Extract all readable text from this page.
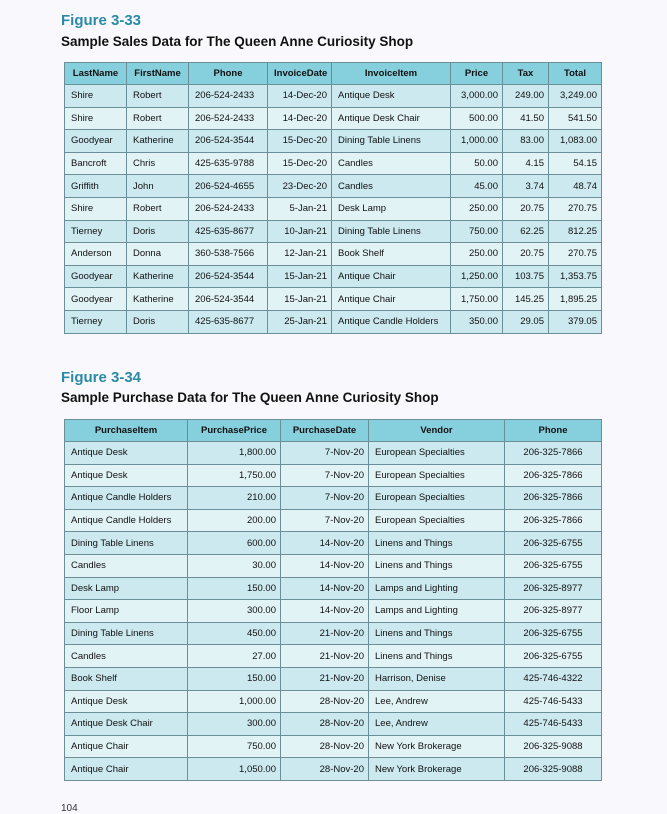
Figure 3-33
Sample Sales Data for The Queen Anne Curiosity Shop
LastName	FirstName	Phone	InvoiceDate	InvoiceItem	Price	Tax	Total
Shire	Robert	206-524-2433	14-Dec-20	Antique Desk	3,000.00	249.00	3,249.00
Shire	Robert	206-524-2433	14-Dec-20	Antique Desk Chair	500.00	41.50	541.50
Goodyear	Katherine	206-524-3544	15-Dec-20	Dining Table Linens	1,000.00	83.00	1,083.00
Bancroft	Chris	425-635-9788	15-Dec-20	Candles	50.00	4.15	54.15
Griffith	John	206-524-4655	23-Dec-20	Candles	45.00	3.74	48.74
Shire	Robert	206-524-2433	5-Jan-21	Desk Lamp	250.00	20.75	270.75
Tierney	Doris	425-635-8677	10-Jan-21	Dining Table Linens	750.00	62.25	812.25
Anderson	Donna	360-538-7566	12-Jan-21	Book Shelf	250.00	20.75	270.75
Goodyear	Katherine	206-524-3544	15-Jan-21	Antique Chair	1,250.00	103.75	1,353.75
Goodyear	Katherine	206-524-3544	15-Jan-21	Antique Chair	1,750.00	145.25	1,895.25
Tierney	Doris	425-635-8677	25-Jan-21	Antique Candle Holders	350.00	29.05	379.05
Figure 3-34
Sample Purchase Data for The Queen Anne Curiosity Shop
PurchaseItem	PurchasePrice	PurchaseDate	Vendor	Phone
Antique Desk	1,800.00	7-Nov-20	European Specialties	206-325-7866
Antique Desk	1,750.00	7-Nov-20	European Specialties	206-325-7866
Antique Candle Holders	210.00	7-Nov-20	European Specialties	206-325-7866
Antique Candle Holders	200.00	7-Nov-20	European Specialties	206-325-7866
Dining Table Linens	600.00	14-Nov-20	Linens and Things	206-325-6755
Candles	30.00	14-Nov-20	Linens and Things	206-325-6755
Desk Lamp	150.00	14-Nov-20	Lamps and Lighting	206-325-8977
Floor Lamp	300.00	14-Nov-20	Lamps and Lighting	206-325-8977
Dining Table Linens	450.00	21-Nov-20	Linens and Things	206-325-6755
Candles	27.00	21-Nov-20	Linens and Things	206-325-6755
Book Shelf	150.00	21-Nov-20	Harrison, Denise	425-746-4322
Antique Desk	1,000.00	28-Nov-20	Lee, Andrew	425-746-5433
Antique Desk Chair	300.00	28-Nov-20	Lee, Andrew	425-746-5433
Antique Chair	750.00	28-Nov-20	New York Brokerage	206-325-9088
Antique Chair	1,050.00	28-Nov-20	New York Brokerage	206-325-9088
104
